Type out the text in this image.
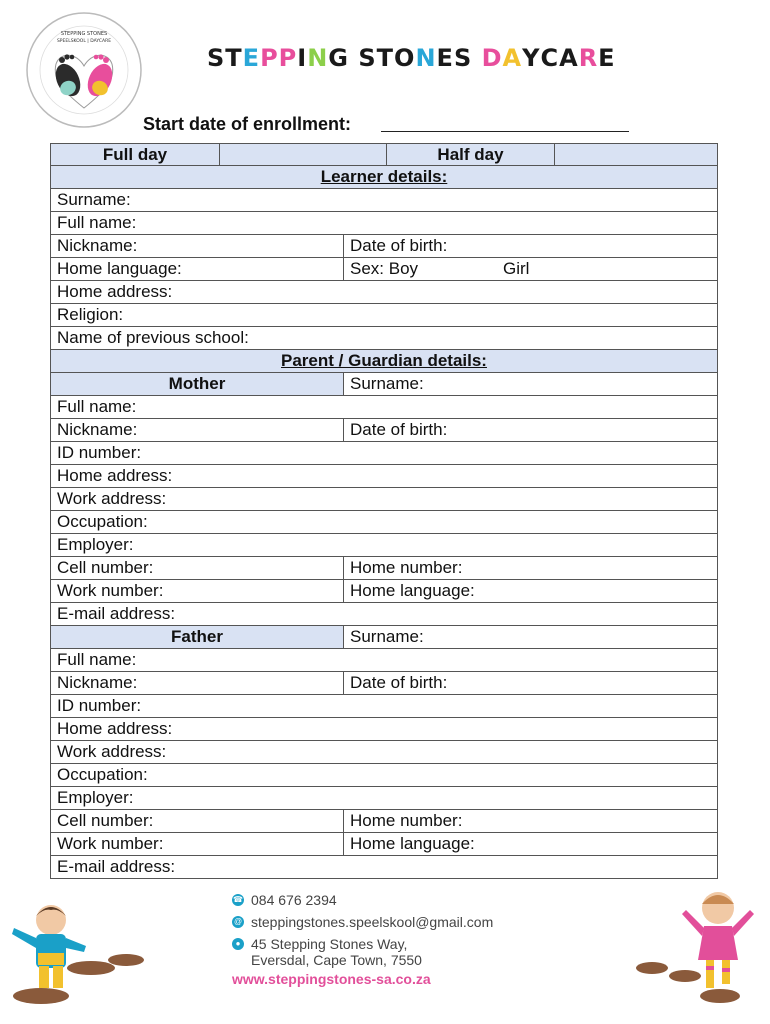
STEPPING STONES
SPEELSKOOL | DAYCARE
STEPPING STONES DAYCARE
Start date of enrollment:
Full day	Half day
Learner details:
Surname:
Full name:
Nickname:	Date of birth:
Home language:	Sex: Boy	Girl
Home address:
Religion:
Name of previous school:
Parent / Guardian details:
Mother	Surname:
Full name:
Nickname:	Date of birth:
ID number:
Home address:
Work address:
Occupation:
Employer:
Cell number:	Home number:
Work number:	Home language:
E-mail address:
Father	Surname:
Full name:
Nickname:	Date of birth:
ID number:
Home address:
Work address:
Occupation:
Employer:
Cell number:	Home number:
Work number:	Home language:
E-mail address:
☎ 084 676 2394
@ steppingstones.speelskool@gmail.com
● 45 Stepping Stones Way,
Eversdal, Cape Town, 7550
www.steppingstones-sa.co.za
